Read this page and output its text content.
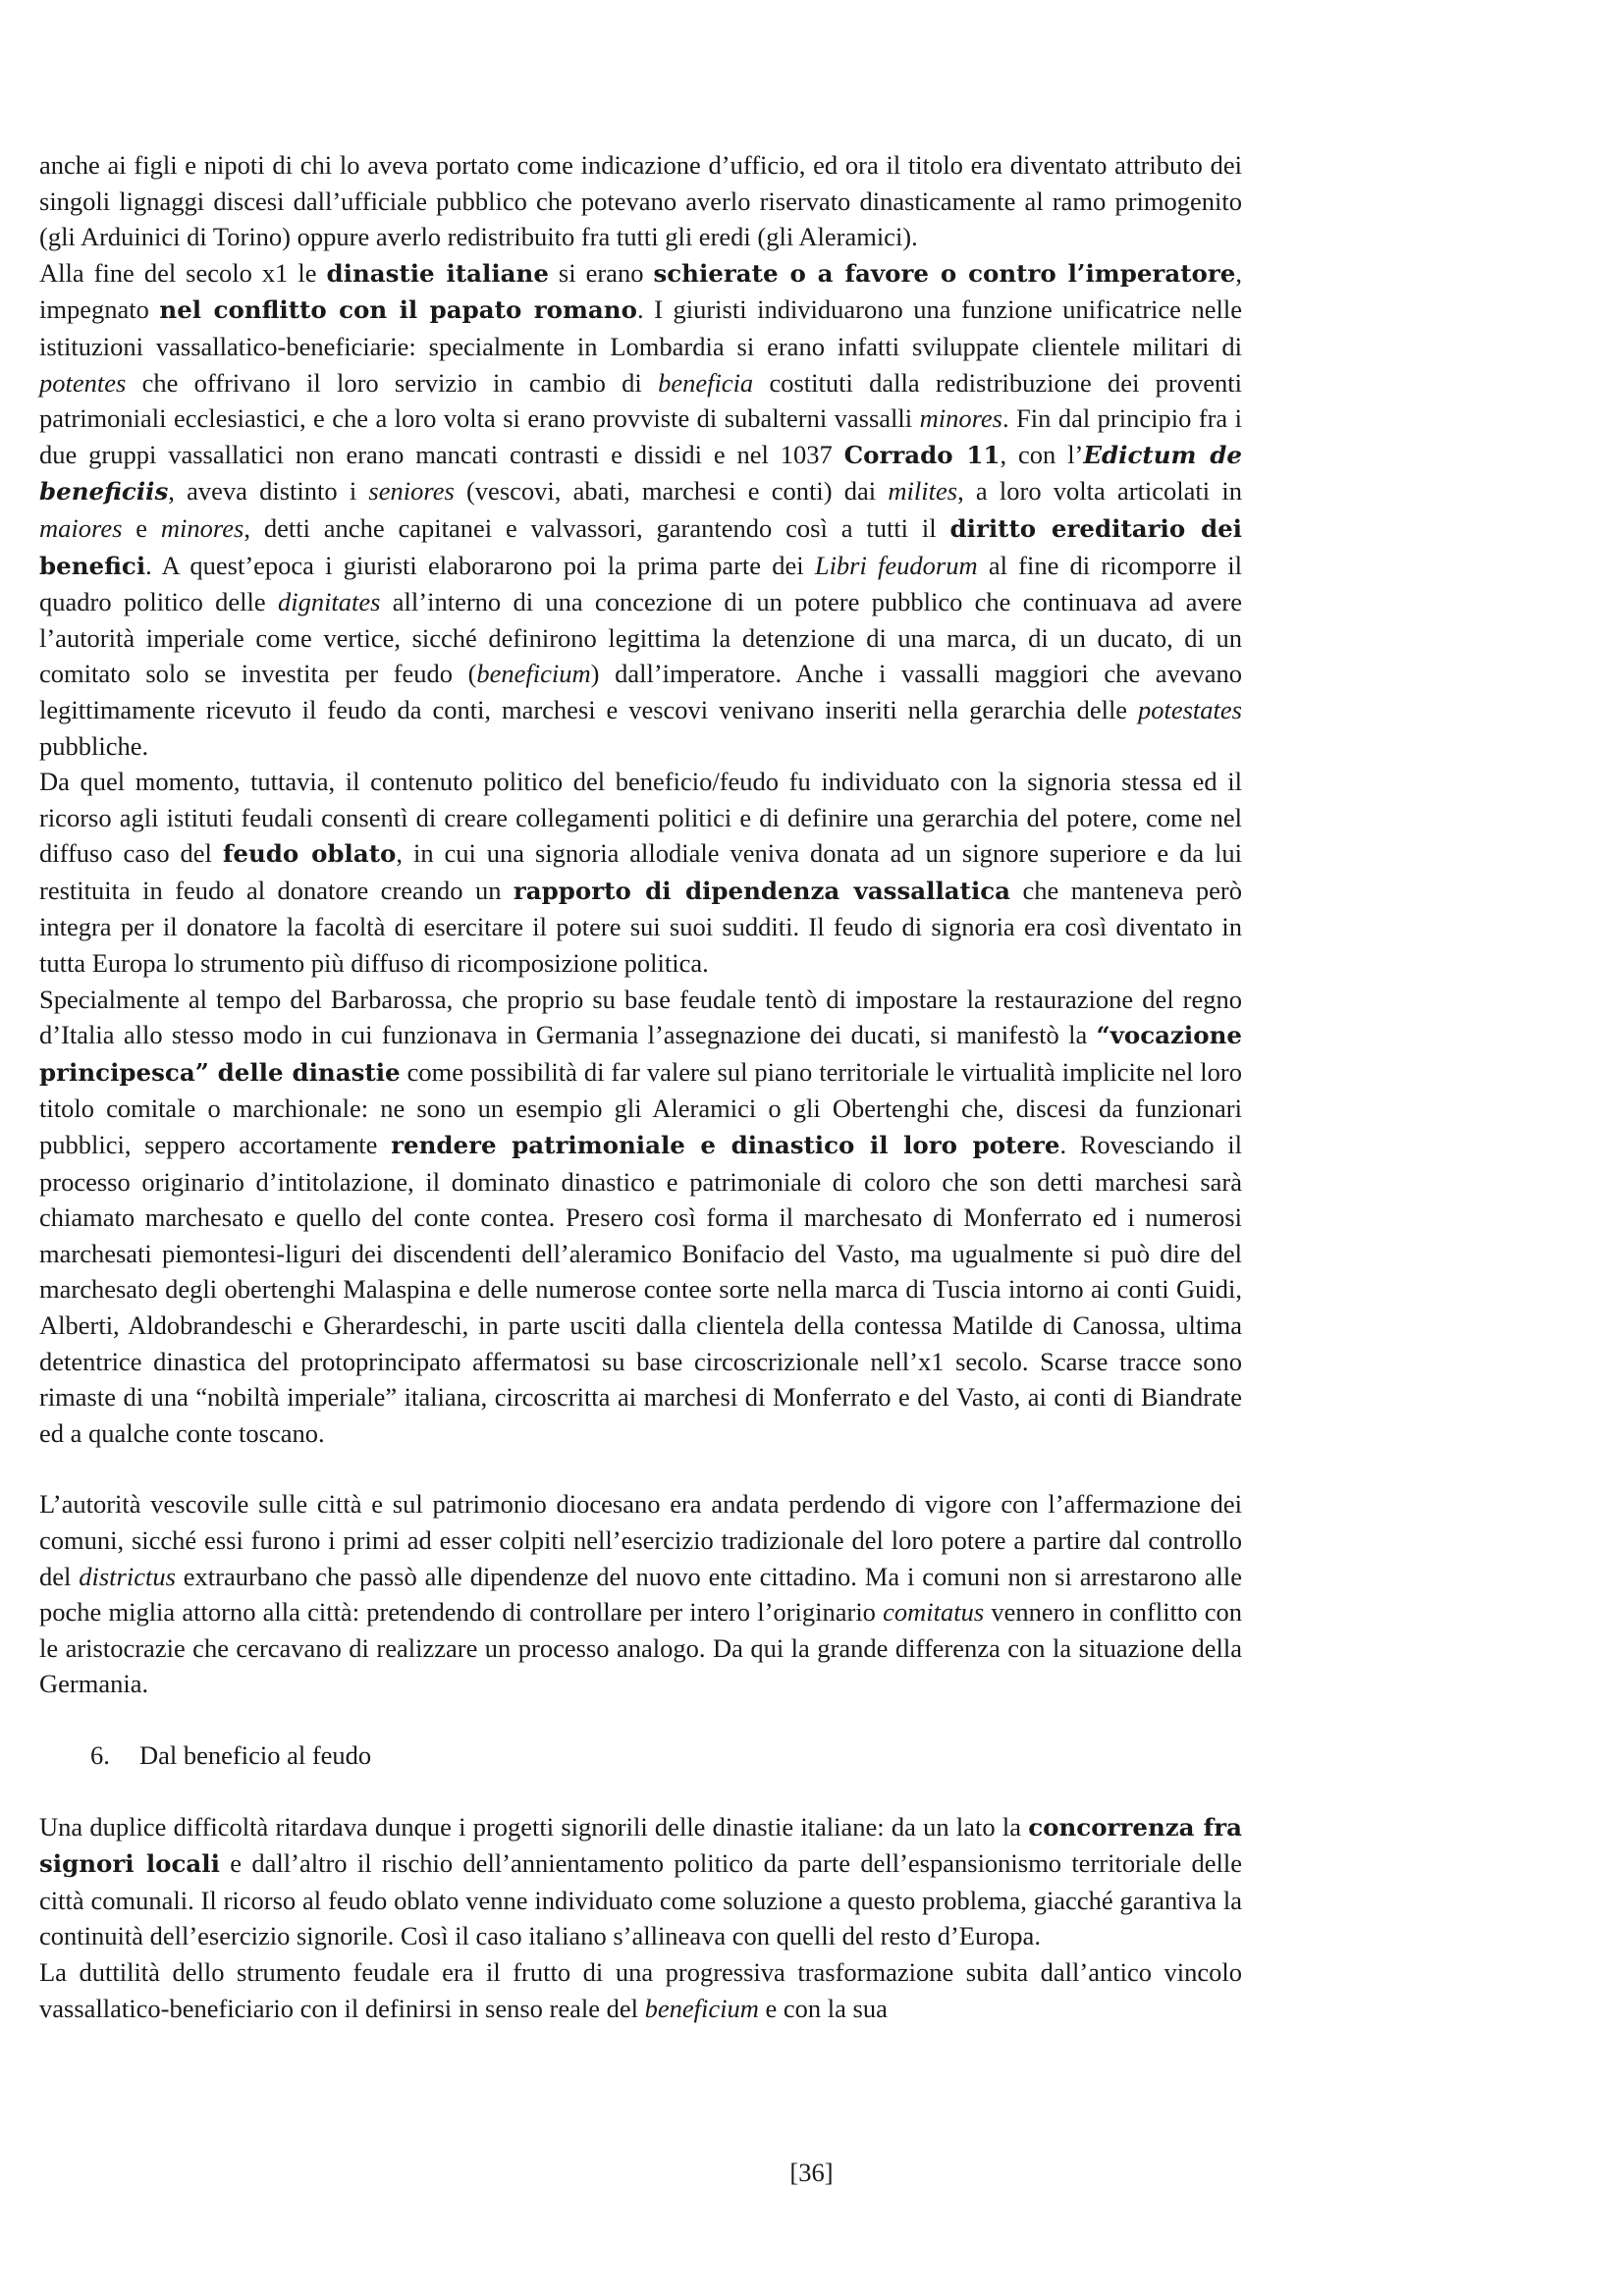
anche ai figli e nipoti di chi lo aveva portato come indicazione d’ufficio, ed ora il titolo era diventato attributo dei singoli lignaggi discesi dall’ufficiale pubblico che potevano averlo riservato dinasticamente al ramo primogenito (gli Arduinici di Torino) oppure averlo redistribuito fra tutti gli eredi (gli Aleramici).

Alla fine del secolo x1 le dinastie italiane si erano schierate o a favore o contro l’imperatore, impegnato nel conflitto con il papato romano. I giuristi individuarono una funzione unificatrice nelle istituzioni vassallatico-beneficiarie: specialmente in Lombardia si erano infatti sviluppate clientele militari di potentes che offrivano il loro servizio in cambio di beneficia costituti dalla redistribuzione dei proventi patrimoniali ecclesiastici, e che a loro volta si erano provviste di subalterni vassalli minores. Fin dal principio fra i due gruppi vassallatici non erano mancati contrasti e dissidi e nel 1037 Corrado 11, con l’Edictum de beneficiis, aveva distinto i seniores (vescovi, abati, marchesi e conti) dai milites, a loro volta articolati in maiores e minores, detti anche capitanei e valvassori, garantendo così a tutti il diritto ereditario dei benefici. A quest’epoca i giuristi elaborarono poi la prima parte dei Libri feudorum al fine di ricomporre il quadro politico delle dignitates all’interno di una concezione di un potere pubblico che continuava ad avere l’autorità imperiale come vertice, sicché definirono legittima la detenzione di una marca, di un ducato, di un comitato solo se investita per feudo (beneficium) dall’imperatore. Anche i vassalli maggiori che avevano legittimamente ricevuto il feudo da conti, marchesi e vescovi venivano inseriti nella gerarchia delle potestates pubbliche.

Da quel momento, tuttavia, il contenuto politico del beneficio/feudo fu individuato con la signoria stessa ed il ricorso agli istituti feudali consentì di creare collegamenti politici e di definire una gerarchia del potere, come nel diffuso caso del feudo oblato, in cui una signoria allodiale veniva donata ad un signore superiore e da lui restituita in feudo al donatore creando un rapporto di dipendenza vassallatica che manteneva però integra per il donatore la facoltà di esercitare il potere sui suoi sudditi. Il feudo di signoria era così diventato in tutta Europa lo strumento più diffuso di ricomposizione politica.

Specialmente al tempo del Barbarossa, che proprio su base feudale tentò di impostare la restaurazione del regno d’Italia allo stesso modo in cui funzionava in Germania l’assegnazione dei ducati, si manifestò la “vocazione principesca” delle dinastie come possibilità di far valere sul piano territoriale le virtualità implicite nel loro titolo comitale o marchionale: ne sono un esempio gli Aleramici o gli Obertenghi che, discesi da funzionari pubblici, seppero accortamente rendere patrimoniale e dinastico il loro potere. Rovesciando il processo originario d’intitolazione, il dominato dinastico e patrimoniale di coloro che son detti marchesi sarà chiamato marchesato e quello del conte contea. Presero così forma il marchesato di Monferrato ed i numerosi marchesati piemontesi-liguri dei discendenti dell’aleramico Bonifacio del Vasto, ma ugualmente si può dire del marchesato degli obertenghi Malaspina e delle numerose contee sorte nella marca di Tuscia intorno ai conti Guidi, Alberti, Aldobrandeschi e Gherardeschi, in parte usciti dalla clientela della contessa Matilde di Canossa, ultima detentrice dinastica del protoprincipato affermatosi su base circoscrizionale nell’x1 secolo. Scarse tracce sono rimaste di una “nobiltà imperiale” italiana, circoscritta ai marchesi di Monferrato e del Vasto, ai conti di Biandrate ed a qualche conte toscano.

L’autorità vescovile sulle città e sul patrimonio diocesano era andata perdendo di vigore con l’affermazione dei comuni, sicché essi furono i primi ad esser colpiti nell’esercizio tradizionale del loro potere a partire dal controllo del districtus extraurbano che passò alle dipendenze del nuovo ente cittadino. Ma i comuni non si arrestarono alle poche miglia attorno alla città: pretendendo di controllare per intero l’originario comitatus vennero in conflitto con le aristocrazie che cercavano di realizzare un processo analogo. Da qui la grande differenza con la situazione della Germania.

6. Dal beneficio al feudo

Una duplice difficoltà ritardava dunque i progetti signorili delle dinastie italiane: da un lato la concorrenza fra signori locali e dall’altro il rischio dell’annientamento politico da parte dell’espansionismo territoriale delle città comunali. Il ricorso al feudo oblato venne individuato come soluzione a questo problema, giacché garantiva la continuità dell’esercizio signorile. Così il caso italiano s’allineava con quelli del resto d’Europa.

La duttilità dello strumento feudale era il frutto di una progressiva trasformazione subita dall’antico vincolo vassallatico-beneficiario con il definirsi in senso reale del beneficium e con la sua

[36]
